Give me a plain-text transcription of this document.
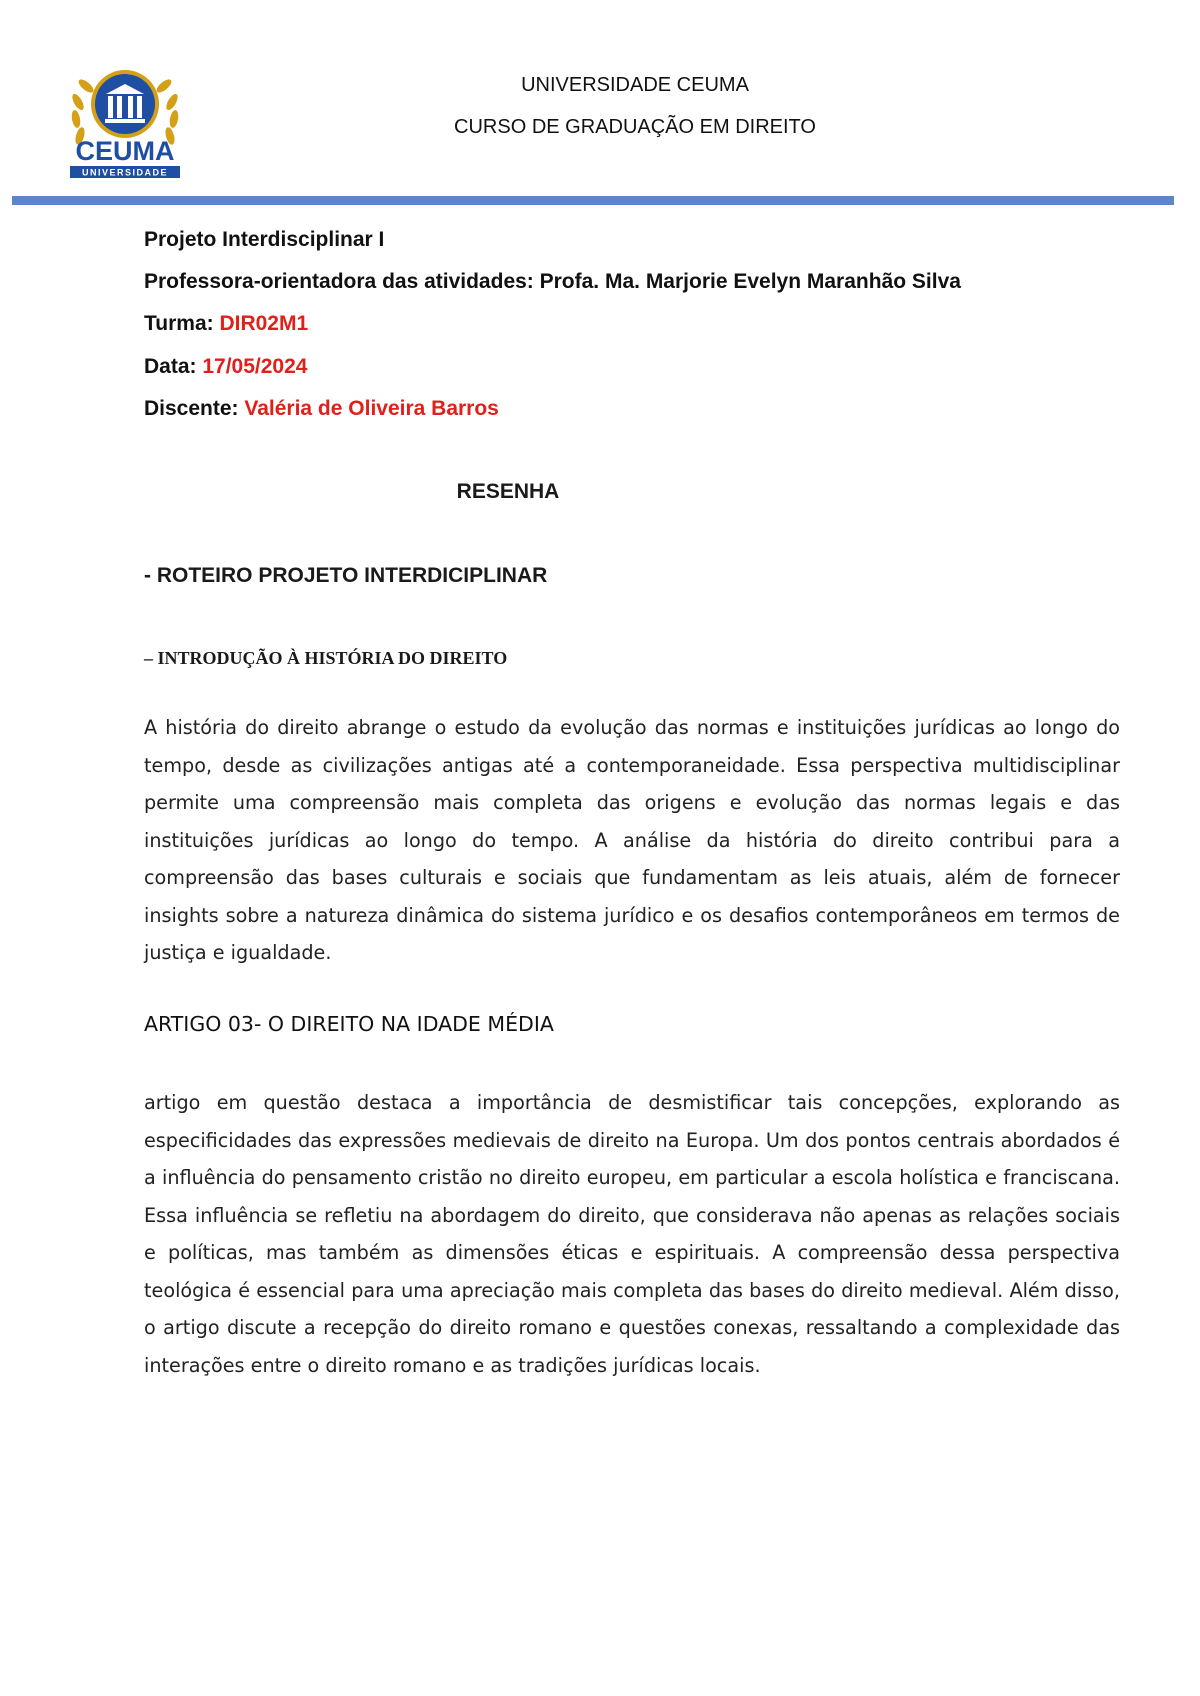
CEUMA
UNIVERSIDADE
UNIVERSIDADE CEUMA
CURSO DE GRADUAÇÃO EM DIREITO
Projeto Interdisciplinar I
Professora-orientadora das atividades: Profa. Ma. Marjorie Evelyn Maranhão Silva
Turma: DIR02M1
Data: 17/05/2024
Discente: Valéria de Oliveira Barros
RESENHA
- ROTEIRO PROJETO INTERDICIPLINAR
– INTRODUÇÃO À HISTÓRIA DO DIREITO
A história do direito abrange o estudo da evolução das normas e instituições jurídicas ao longo do tempo, desde as civilizações antigas até a contemporaneidade. Essa perspectiva multidisciplinar permite uma compreensão mais completa das origens e evolução das normas legais e das instituições jurídicas ao longo do tempo. A análise da história do direito contribui para a compreensão das bases culturais e sociais que fundamentam as leis atuais, além de fornecer insights sobre a natureza dinâmica do sistema jurídico e os desafios contemporâneos em termos de justiça e igualdade.
ARTIGO 03- O DIREITO NA IDADE MÉDIA
artigo em questão destaca a importância de desmistificar tais concepções, explorando as especificidades das expressões medievais de direito na Europa. Um dos pontos centrais abordados é a influência do pensamento cristão no direito europeu, em particular a escola holística e franciscana. Essa influência se refletiu na abordagem do direito, que considerava não apenas as relações sociais e políticas, mas também as dimensões éticas e espirituais. A compreensão dessa perspectiva teológica é essencial para uma apreciação mais completa das bases do direito medieval. Além disso, o artigo discute a recepção do direito romano e questões conexas, ressaltando a complexidade das interações entre o direito romano e as tradições jurídicas locais.
